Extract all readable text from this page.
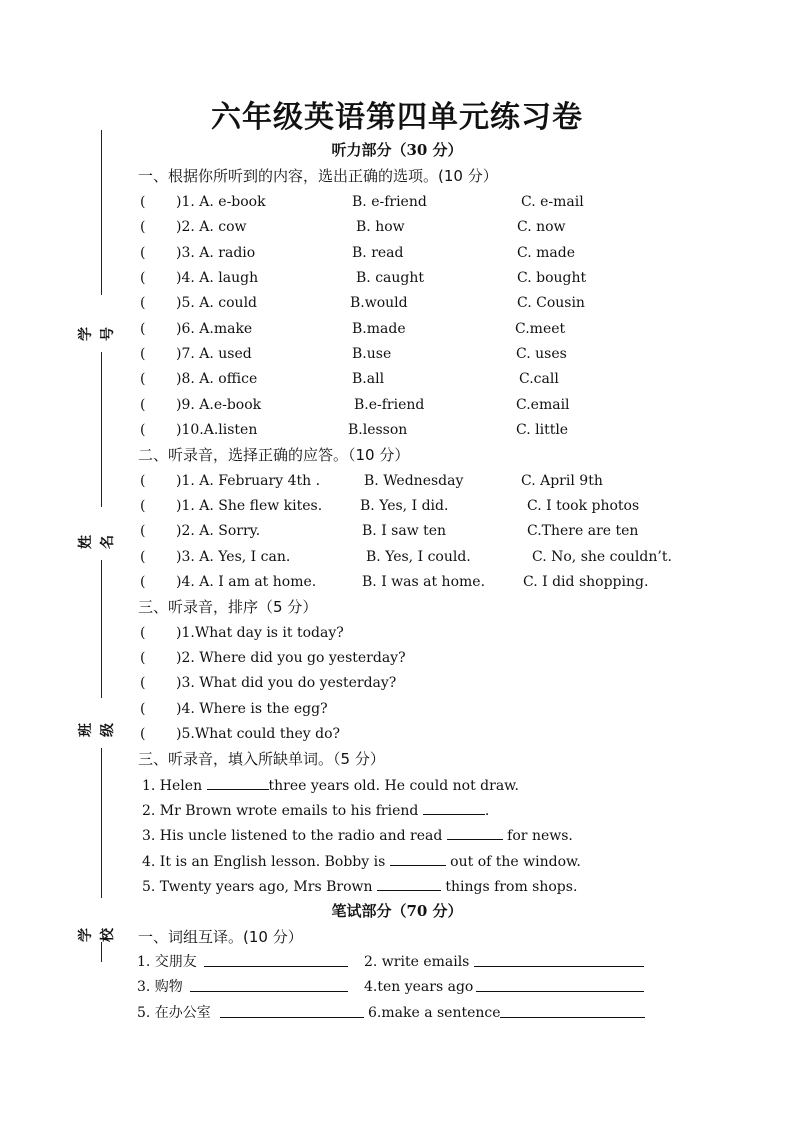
学号
姓名
班级
学校
六年级英语第四单元练习卷
听力部分（30 分）
一、根据你所听到的内容，选出正确的选项。(10 分）
( )1. A. e-book	B. e-friend	C. e-mail
( )2. A. cow	B. how	C. now
( )3. A. radio	B. read	C. made
( )4. A. laugh	B. caught	C. bought
( )5. A. could	B.would	C. Cousin
( )6. A.make	B.made	C.meet
( )7. A. used	B.use	C. uses
( )8. A. office	B.all	C.call
( )9. A.e-book	B.e-friend	C.email
( )10.A.listen	B.lesson	C. little
二、听录音，选择正确的应答。（10 分）
( )1. A. February 4th .	B. Wednesday	C. April 9th
( )1. A. She flew kites.	B. Yes, I did.	C. I took photos
( )2. A. Sorry.	B. I saw ten	C.There are ten
( )3. A. Yes, I can.	B. Yes, I could.	C. No, she couldn’t.
( )4. A. I am at home.	B. I was at home.	C. I did shopping.
三、听录音，排序（5 分）
( )1.What day is it today?
( )2. Where did you go yesterday?
( )3. What did you do yesterday?
( )4. Where is the egg?
( )5.What could they do?
三、听录音，填入所缺单词。（5 分）
1. Helen	three years old. He could not draw.
2. Mr Brown wrote emails to his friend	.
3. His uncle listened to the radio and read	for news.
4. It is an English lesson. Bobby is	out of the window.
5. Twenty years ago, Mrs Brown	things from shops.
笔试部分（70 分）
一、词组互译。(10 分）
1. 交朋友	2. write emails
3. 购物	4.ten years ago
5. 在办公室	6.make a sentence
